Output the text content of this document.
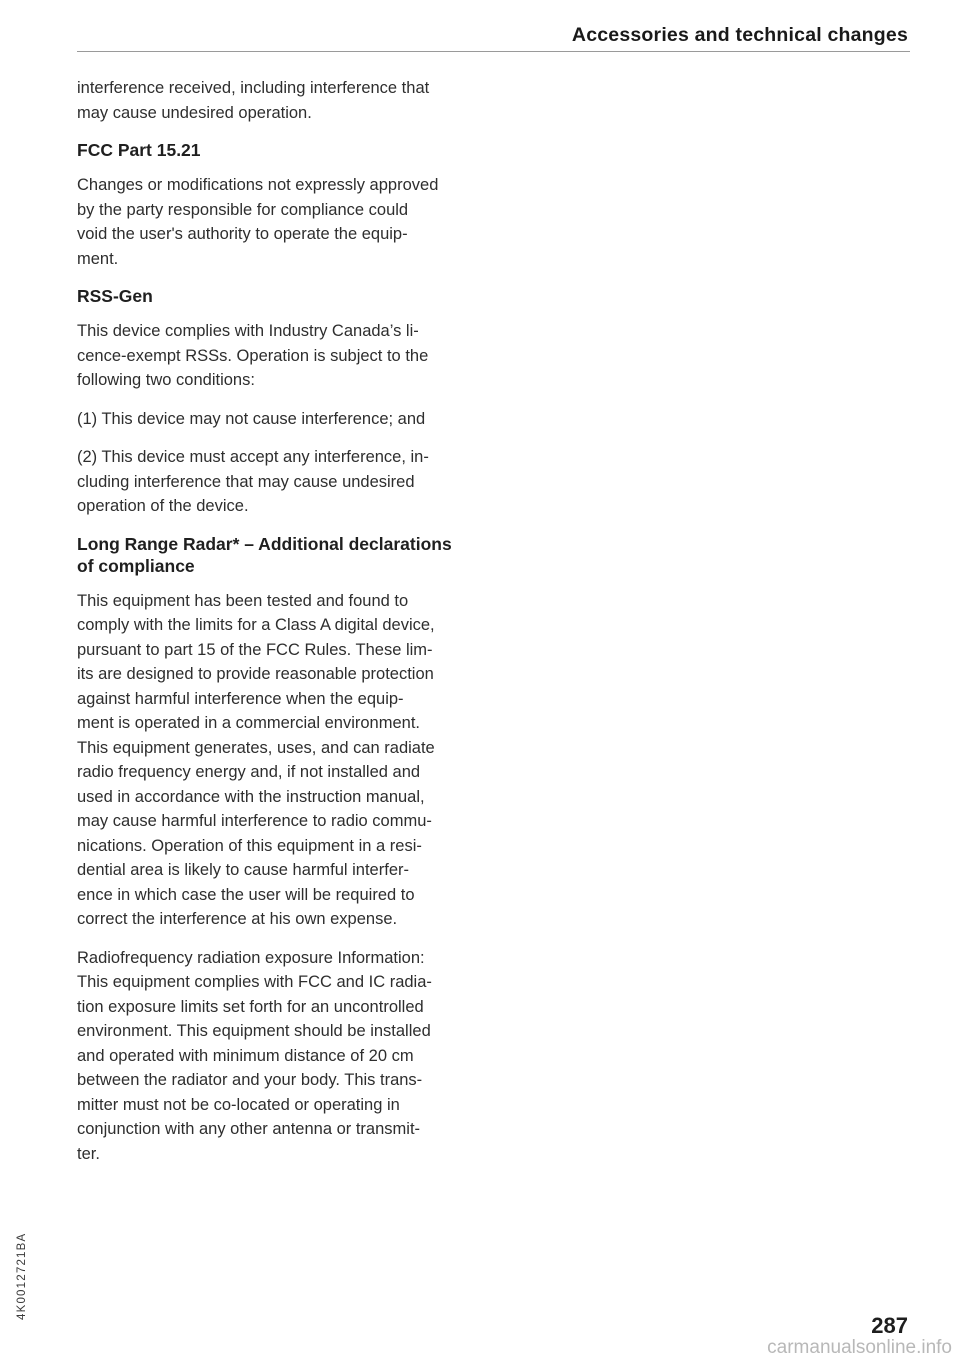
Accessories and technical changes

interference received, including interference that
may cause undesired operation.

FCC Part 15.21

Changes or modifications not expressly approved
by the party responsible for compliance could
void the user's authority to operate the equip-
ment.

RSS-Gen

This device complies with Industry Canada’s li-
cence-exempt RSSs. Operation is subject to the
following two conditions:

(1) This device may not cause interference; and

(2) This device must accept any interference, in-
cluding interference that may cause undesired
operation of the device.

Long Range Radar* – Additional declarations
of compliance

This equipment has been tested and found to
comply with the limits for a Class A digital device,
pursuant to part 15 of the FCC Rules. These lim-
its are designed to provide reasonable protection
against harmful interference when the equip-
ment is operated in a commercial environment.
This equipment generates, uses, and can radiate
radio frequency energy and, if not installed and
used in accordance with the instruction manual,
may cause harmful interference to radio commu-
nications. Operation of this equipment in a resi-
dential area is likely to cause harmful interfer-
ence in which case the user will be required to
correct the interference at his own expense.

Radiofrequency radiation exposure Information:
This equipment complies with FCC and IC radia-
tion exposure limits set forth for an uncontrolled
environment. This equipment should be installed
and operated with minimum distance of 20 cm
between the radiator and your body. This trans-
mitter must not be co-located or operating in
conjunction with any other antenna or transmit-
ter.

4K0012721BA
287
carmanualsonline.info
